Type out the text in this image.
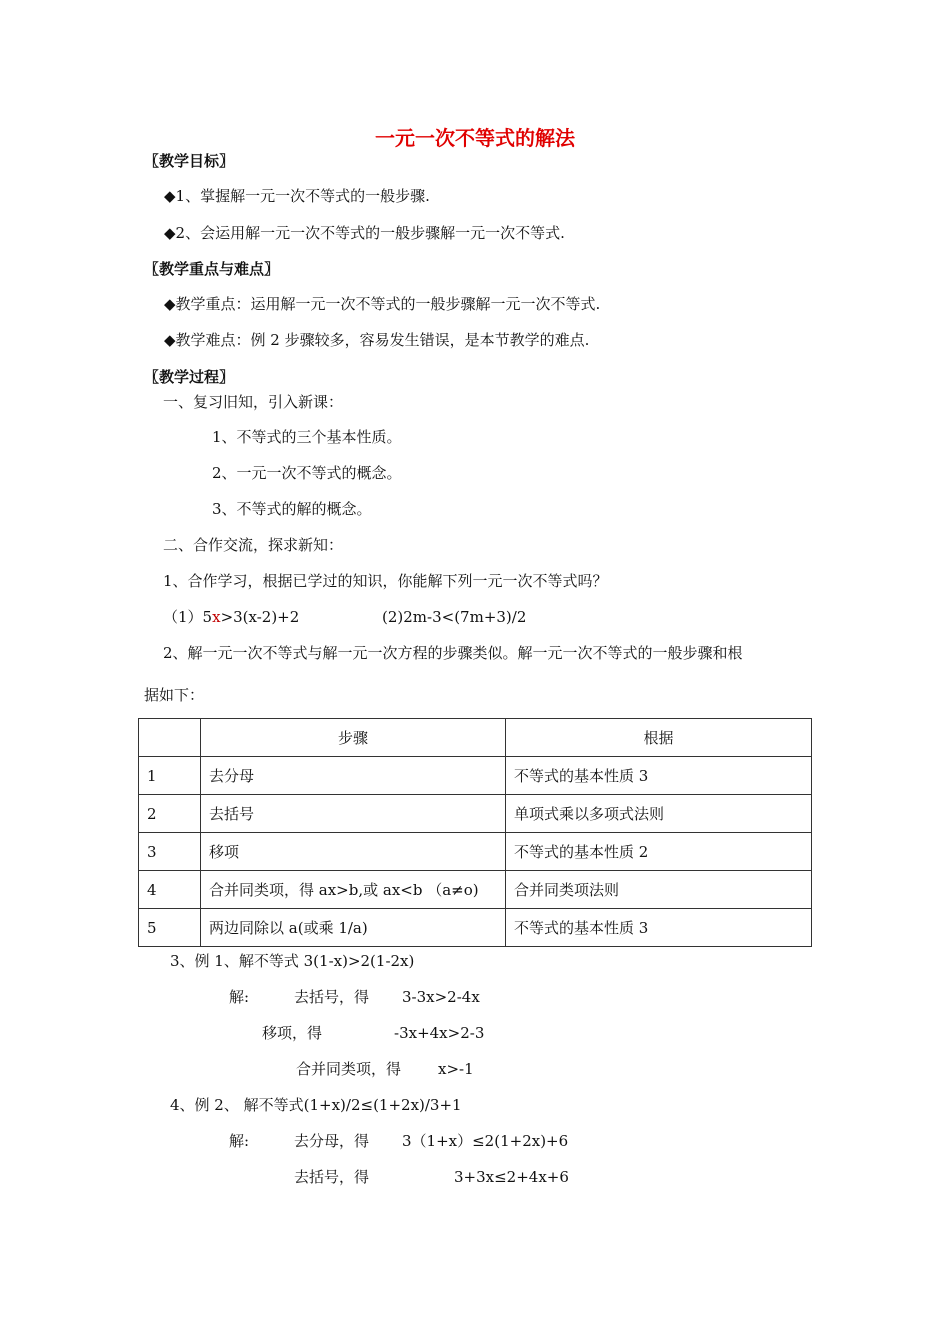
一元一次不等式的解法
〖教学目标〗
◆1、掌握解一元一次不等式的一般步骤.
◆2、会运用解一元一次不等式的一般步骤解一元一次不等式.
〖教学重点与难点〗
◆教学重点：运用解一元一次不等式的一般步骤解一元一次不等式.
◆教学难点：例 2 步骤较多，容易发生错误，是本节教学的难点.
〖教学过程〗
一、复习旧知，引入新课：
1、不等式的三个基本性质。
2、一元一次不等式的概念。
3、不等式的解的概念。
二、合作交流，探求新知：
1、合作学习，根据已学过的知识，你能解下列一元一次不等式吗？
（1）5x>3(x-2)+2	(2)2m-3<(7m+3)/2
2、解一元一次不等式与解一元一次方程的步骤类似。解一元一次不等式的一般步骤和根
据如下：
	步骤	根据
1	去分母	不等式的基本性质 3
2	去括号	单项式乘以多项式法则
3	移项	不等式的基本性质 2
4	合并同类项，得 ax>b,或 ax<b （a≠o)	合并同类项法则
5	两边同除以 a(或乘 1/a)	不等式的基本性质 3
3、例 1、解不等式 3(1-x)>2(1-2x)
解:	去括号，得 3-3x>2-4x
移项，得	-3x+4x>2-3
合并同类项，得 x>-1
4、例 2、 解不等式(1+x)/2≤(1+2x)/3+1
解:	去分母，得 3（1+x）≤2(1+2x)+6
去括号，得	3+3x≤2+4x+6
